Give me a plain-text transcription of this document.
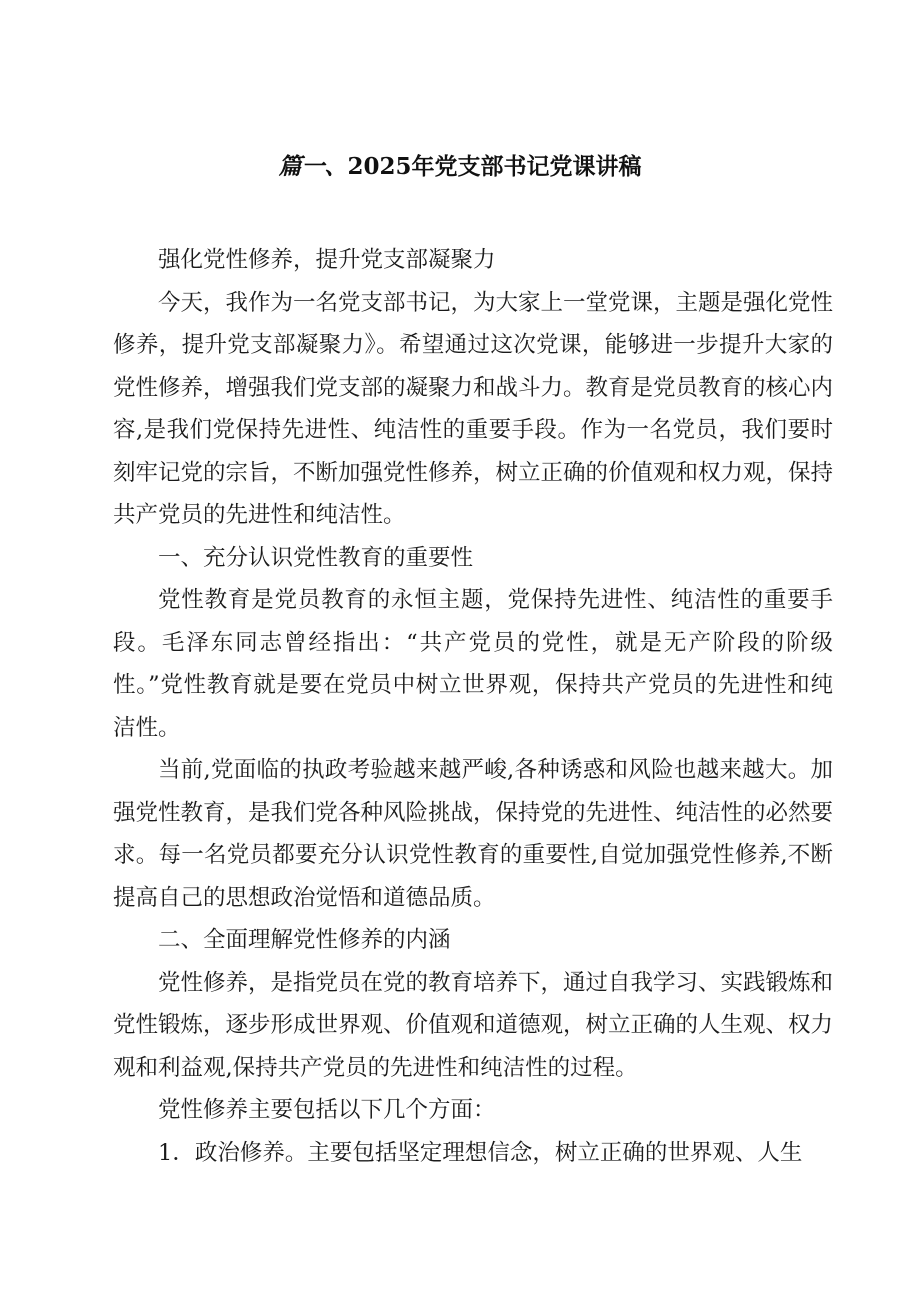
篇一、2025年党支部书记党课讲稿

强化党性修养，提升党支部凝聚力

今天，我作为一名党支部书记，为大家上一堂党课，主题是强化党性修养，提升党支部凝聚力》。希望通过这次党课，能够进一步提升大家的党性修养，增强我们党支部的凝聚力和战斗力。教育是党员教育的核心内容,是我们党保持先进性、纯洁性的重要手段。作为一名党员，我们要时刻牢记党的宗旨，不断加强党性修养，树立正确的价值观和权力观，保持共产党员的先进性和纯洁性。

一、充分认识党性教育的重要性

党性教育是党员教育的永恒主题，党保持先进性、纯洁性的重要手段。毛泽东同志曾经指出：“共产党员的党性，就是无产阶段的阶级性。”党性教育就是要在党员中树立世界观，保持共产党员的先进性和纯洁性。

当前,党面临的执政考验越来越严峻,各种诱惑和风险也越来越大。加强党性教育，是我们党各种风险挑战，保持党的先进性、纯洁性的必然要求。每一名党员都要充分认识党性教育的重要性,自觉加强党性修养,不断提高自己的思想政治觉悟和道德品质。

二、全面理解党性修养的内涵

党性修养，是指党员在党的教育培养下，通过自我学习、实践锻炼和党性锻炼，逐步形成世界观、价值观和道德观，树立正确的人生观、权力观和利益观,保持共产党员的先进性和纯洁性的过程。

党性修养主要包括以下几个方面：

1．政治修养。主要包括坚定理想信念，树立正确的世界观、人生
